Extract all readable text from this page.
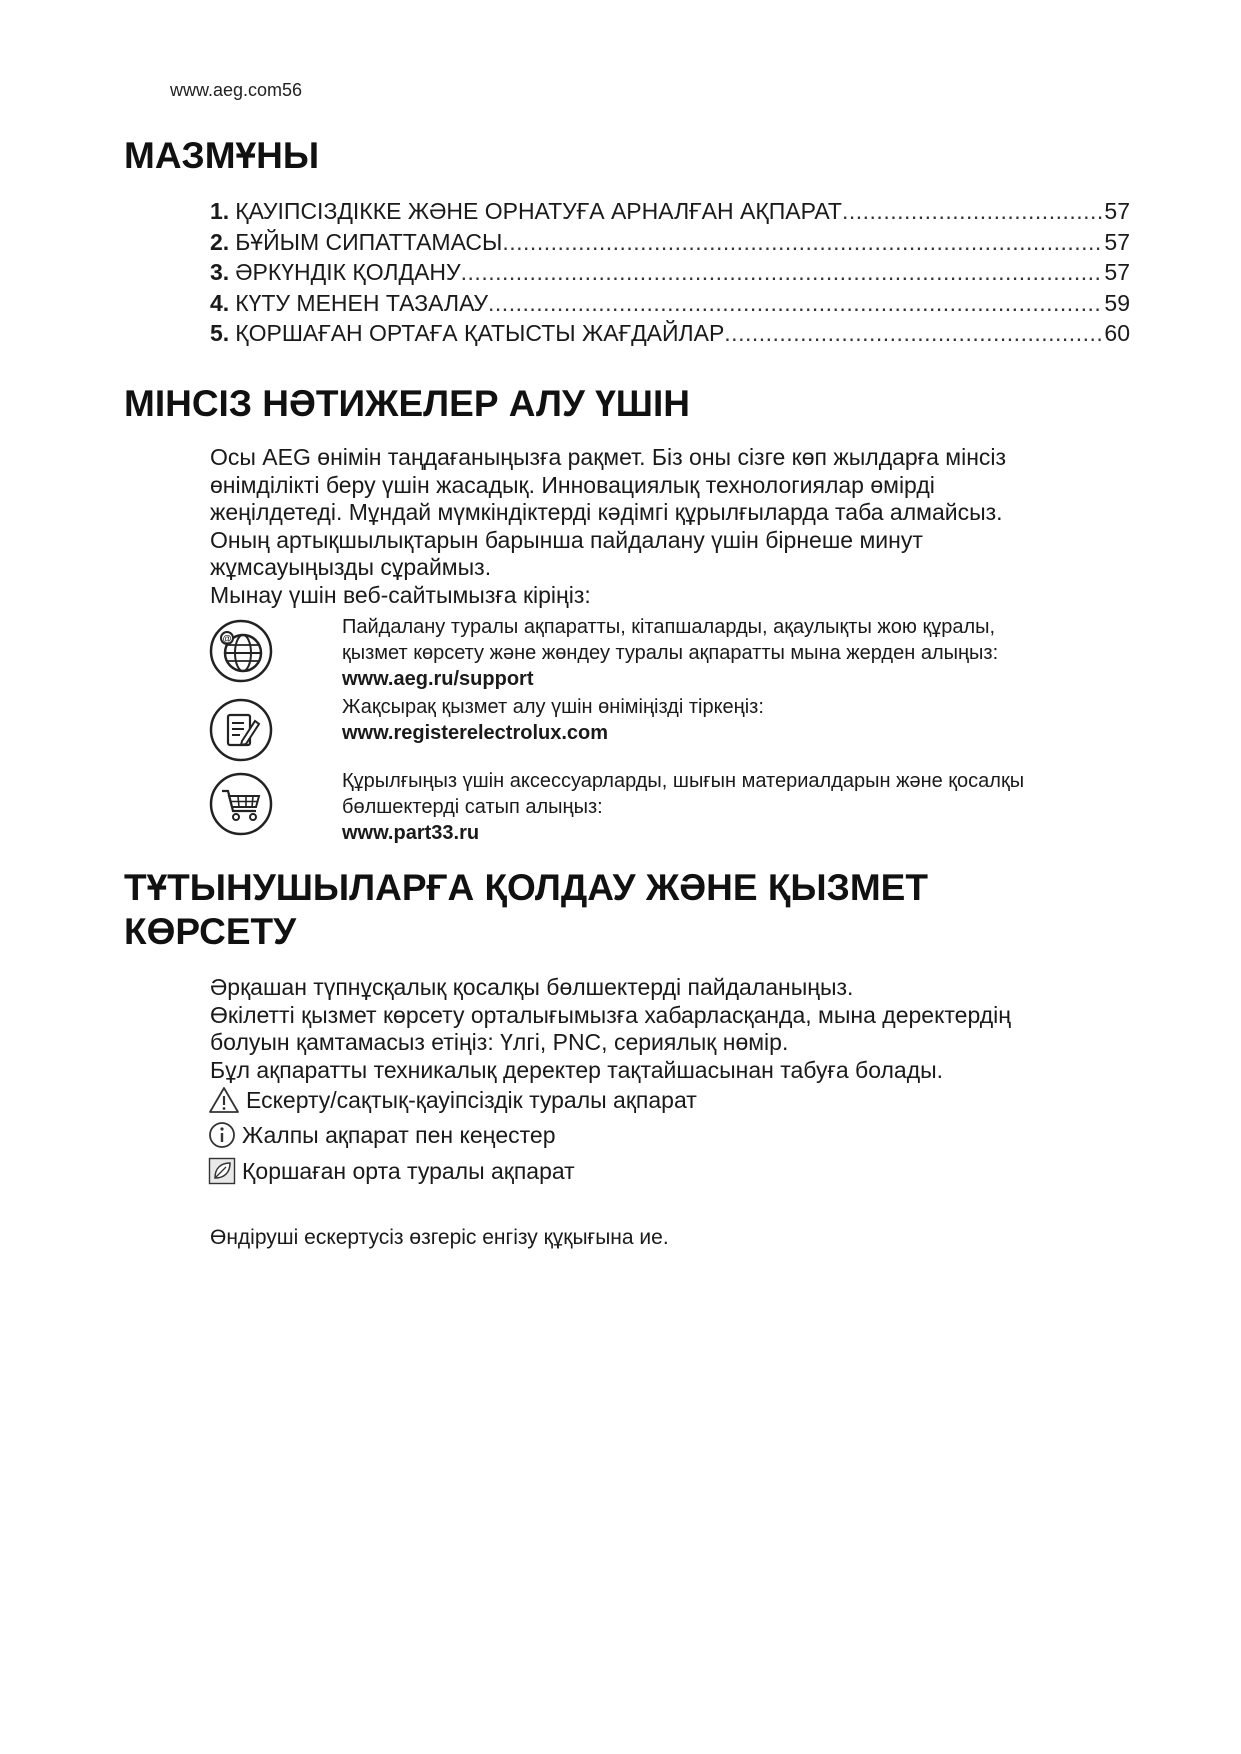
www.aeg.com56
МАЗМҰНЫ
1. ҚАУІПСІЗДІККЕ ЖӘНЕ ОРНАТУҒА АРНАЛҒАН АҚПАРАТ .....	57
2. БҰЙЫМ СИПАТТАМАСЫ .....	57
3. ӘРКҮНДІК ҚОЛДАНУ .....	57
4. КҮТУ МЕНЕН ТАЗАЛАУ .....	59
5. ҚОРШАҒАН ОРТАҒА ҚАТЫСТЫ ЖАҒДАЙЛАР .....	60
МІНСІЗ НӘТИЖЕЛЕР АЛУ ҮШІН

Осы AEG өнімін таңдағаныңызға рақмет. Біз оны сізге көп жылдарға мінсіз

өнімділікті беру үшін жасадық. Инновациялық технологиялар өмірді

жеңілдетеді. Мұндай мүмкіндіктерді кәдімгі құрылғыларда таба алмайсыз.

Оның артықшылықтарын барынша пайдалану үшін бірнеше минут

жұмсауыңызды сұраймыз.

Мынау үшін веб-сайтымызға кіріңіз:

@
Пайдалану туралы ақпаратты, кітапшаларды, ақаулықты жою құралы,
қызмет көрсету және жөндеу туралы ақпаратты мына жерден алыңыз:
www.aeg.ru/support
Жақсырақ қызмет алу үшін өніміңізді тіркеңіз:
www.registerelectrolux.com
Құрылғыңыз үшін аксессуарларды, шығын материалдарын және қосалқы
бөлшектерді сатып алыңыз:
www.part33.ru
ТҰТЫНУШЫЛАРҒА ҚОЛДАУ ЖӘНЕ ҚЫЗМЕТ
КӨРСЕТУ

Әрқашан түпнұсқалық қосалқы бөлшектерді пайдаланыңыз.

Өкілетті қызмет көрсету орталығымызға хабарласқанда, мына деректердің

болуын қамтамасыз етіңіз: Үлгі, PNC, сериялық нөмір.

Бұл ақпаратты техникалық деректер тақтайшасынан табуға болады.

Ескерту/сақтық-қауіпсіздік туралы ақпарат
Жалпы ақпарат пен кеңестер
Қоршаған орта туралы ақпарат
Өндіруші ескертусіз өзгеріс енгізу құқығына ие.
